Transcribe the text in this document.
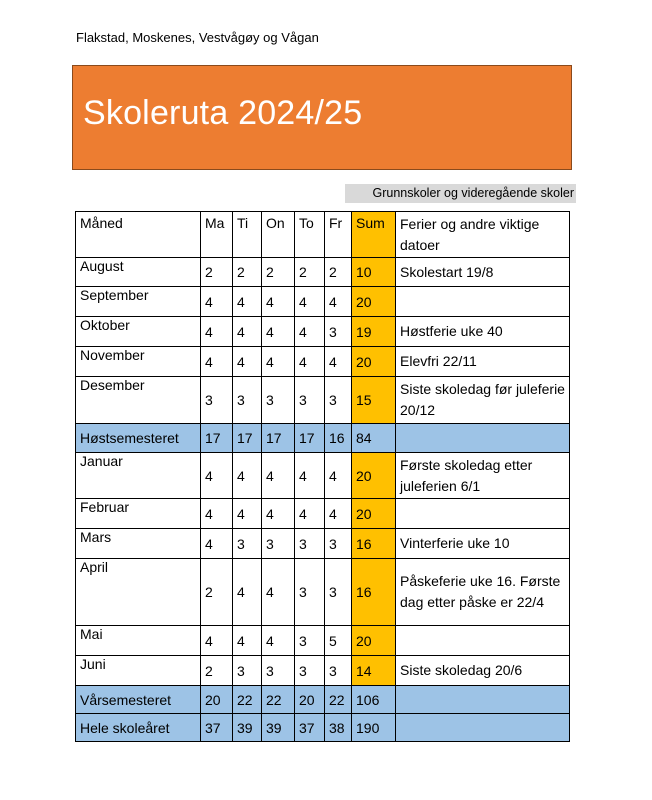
Flakstad, Moskenes, Vestvågøy og Vågan
Skoleruta 2024/25
Grunnskoler og videregående skoler
Måned	Ma	Ti	On	To	Fr	Sum	Ferier og andre viktige datoer
August	2	2	2	2	2	10	Skolestart 19/8
September	4	4	4	4	4	20	
Oktober	4	4	4	4	3	19	Høstferie uke 40
November	4	4	4	4	4	20	Elevfri 22/11
Desember	3	3	3	3	3	15	Siste skoledag før juleferie 20/12
Høstsemesteret	17	17	17	17	16	84	
Januar	4	4	4	4	4	20	Første skoledag etter juleferien 6/1
Februar	4	4	4	4	4	20	
Mars	4	3	3	3	3	16	Vinterferie uke 10
April	2	4	4	3	3	16	Påskeferie uke 16. Første dag etter påske er 22/4
Mai	4	4	4	3	5	20	
Juni	2	3	3	3	3	14	Siste skoledag 20/6
Vårsemesteret	20	22	22	20	22	106	
Hele skoleåret	37	39	39	37	38	190	
